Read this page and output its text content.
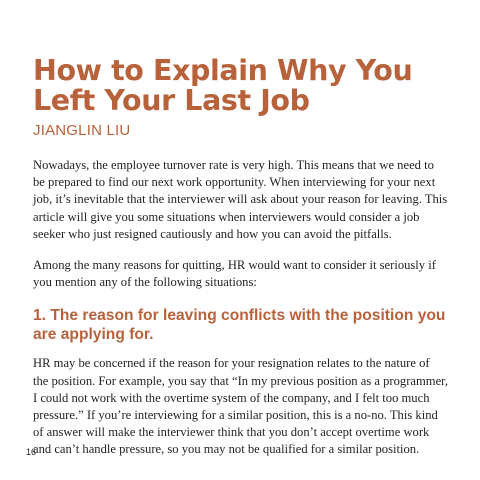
How to Explain Why You Left Your Last Job
JIANGLIN LIU

Nowadays, the employee turnover rate is very high. This means that we need to be prepared to find our next work opportunity. When interviewing for your next job, it’s inevitable that the interviewer will ask about your reason for leaving. This article will give you some situations when interviewers would consider a job seeker who just resigned cautiously and how you can avoid the pitfalls.

Among the many reasons for quitting, HR would want to consider it seriously if you mention any of the following situations:

1. The reason for leaving conflicts with the position you are applying for.

HR may be concerned if the reason for your resignation relates to the nature of the position. For example, you say that “In my previous position as a programmer, I could not work with the overtime system of the company, and I felt too much pressure.” If you’re interviewing for a similar position, this is a no-no. This kind of answer will make the interviewer think that you don’t accept overtime work and can’t handle pressure, so you may not be qualified for a similar position.

16
